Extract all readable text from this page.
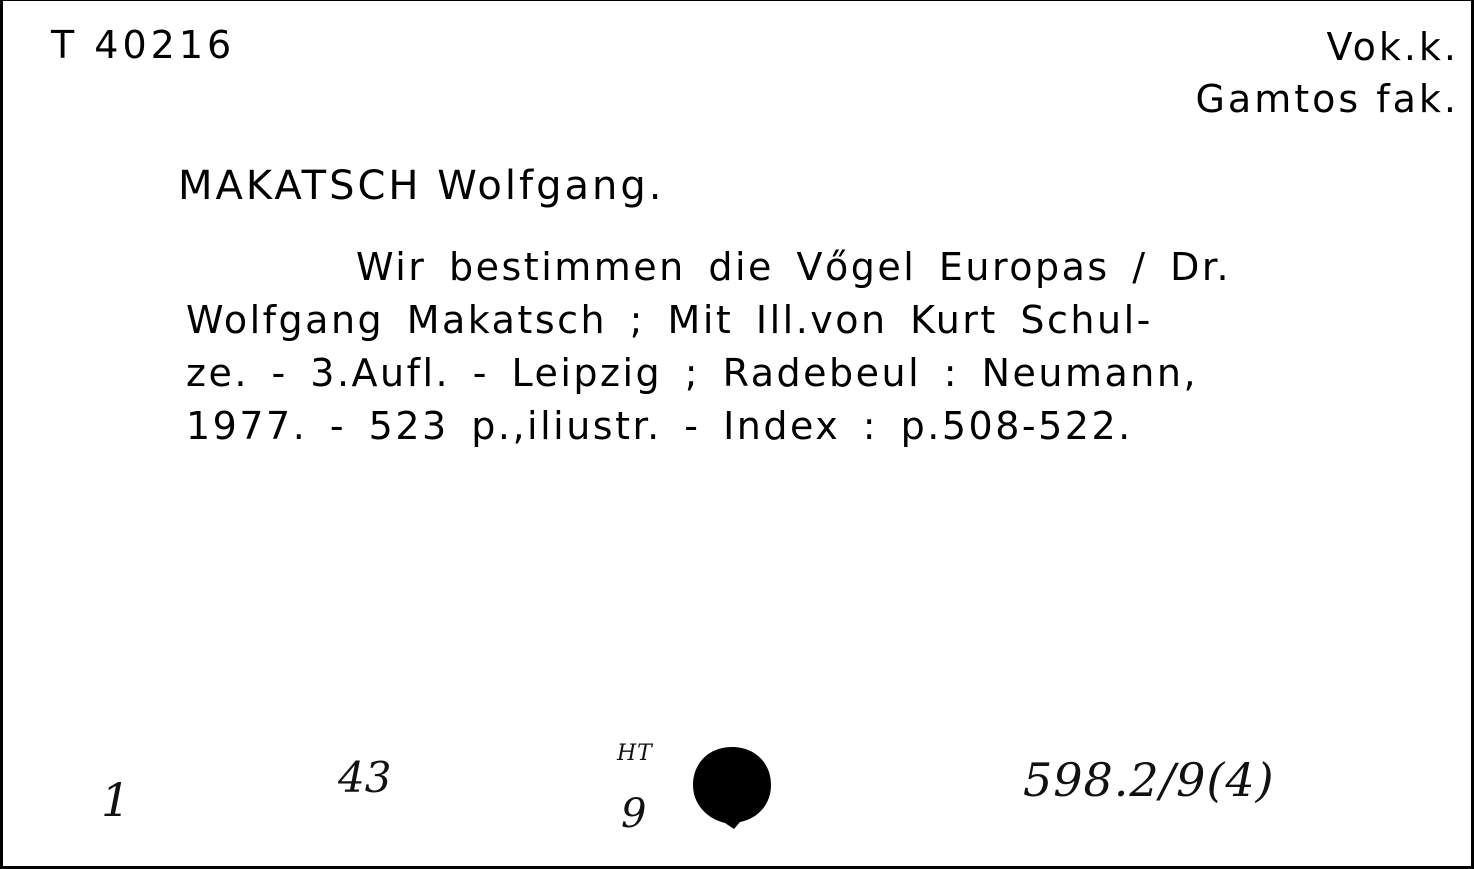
T 40216	Vok.k.
Gamtos fak.
MAKATSCH Wolfgang.
Wir bestimmen die Vőgel Europas / Dr.
Wolfgang Makatsch ; Mit Ill.von Kurt Schul-
ze. - 3.Aufl. - Leipzig ; Radebeul : Neumann,
1977. - 523 p.,iliustr. - Index : p.508-522.
1	43	HT
9
598.2/9(4)
